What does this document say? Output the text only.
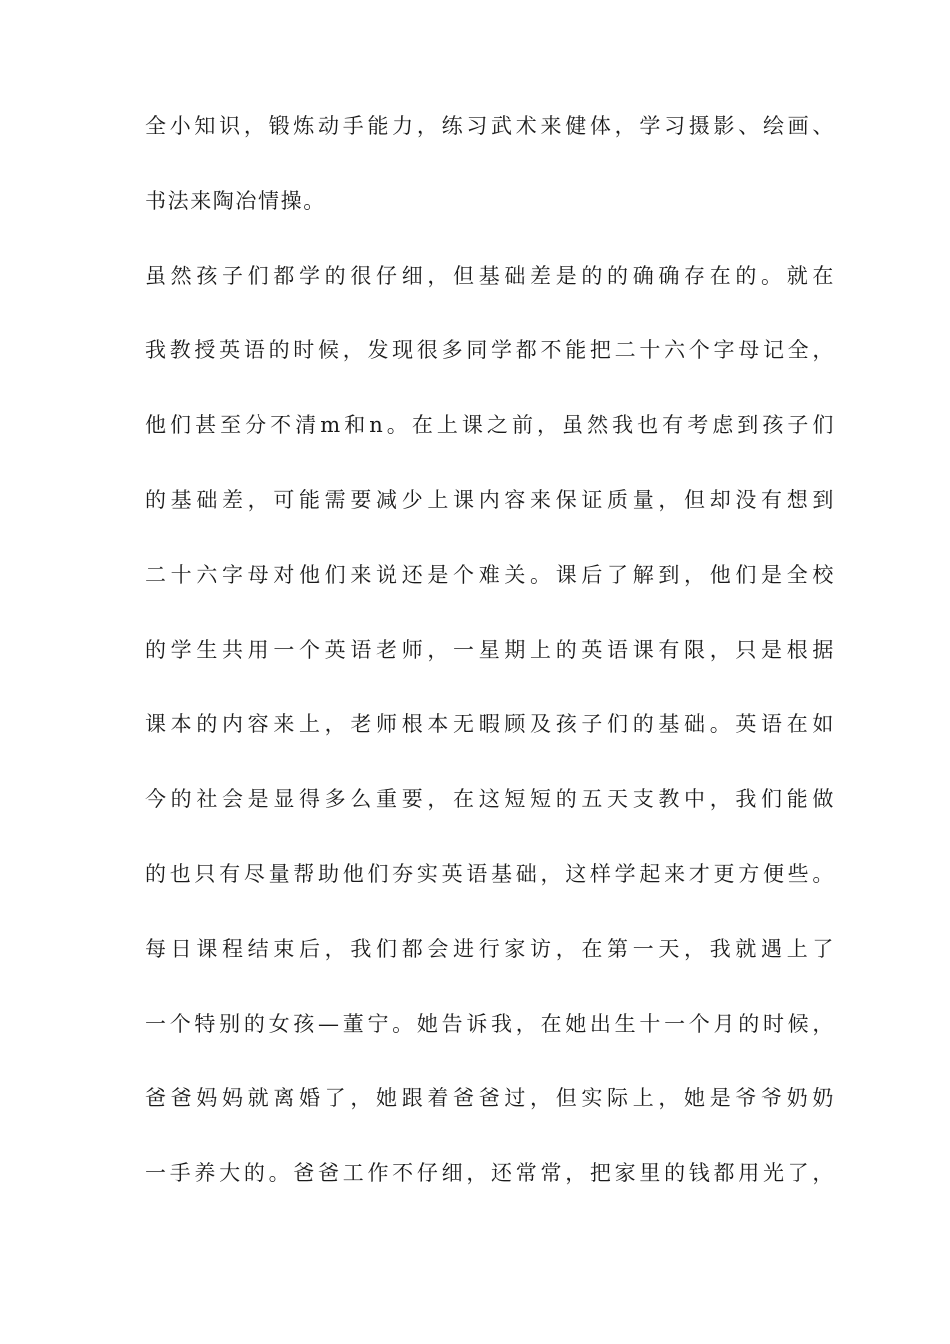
全小知识，锻炼动手能力，练习武术来健体，学习摄影、绘画、
书法来陶冶情操。
虽然孩子们都学的很仔细，但基础差是的的确确存在的。就在
我教授英语的时候，发现很多同学都不能把二十六个字母记全，
他们甚至分不清m和n。在上课之前，虽然我也有考虑到孩子们
的基础差，可能需要减少上课内容来保证质量，但却没有想到
二十六字母对他们来说还是个难关。课后了解到，他们是全校
的学生共用一个英语老师，一星期上的英语课有限，只是根据
课本的内容来上，老师根本无暇顾及孩子们的基础。英语在如
今的社会是显得多么重要，在这短短的五天支教中，我们能做
的也只有尽量帮助他们夯实英语基础，这样学起来才更方便些。
每日课程结束后，我们都会进行家访，在第一天，我就遇上了
一个特别的女孩—董宁。她告诉我，在她出生十一个月的时候，
爸爸妈妈就离婚了，她跟着爸爸过，但实际上，她是爷爷奶奶
一手养大的。爸爸工作不仔细，还常常，把家里的钱都用光了，
